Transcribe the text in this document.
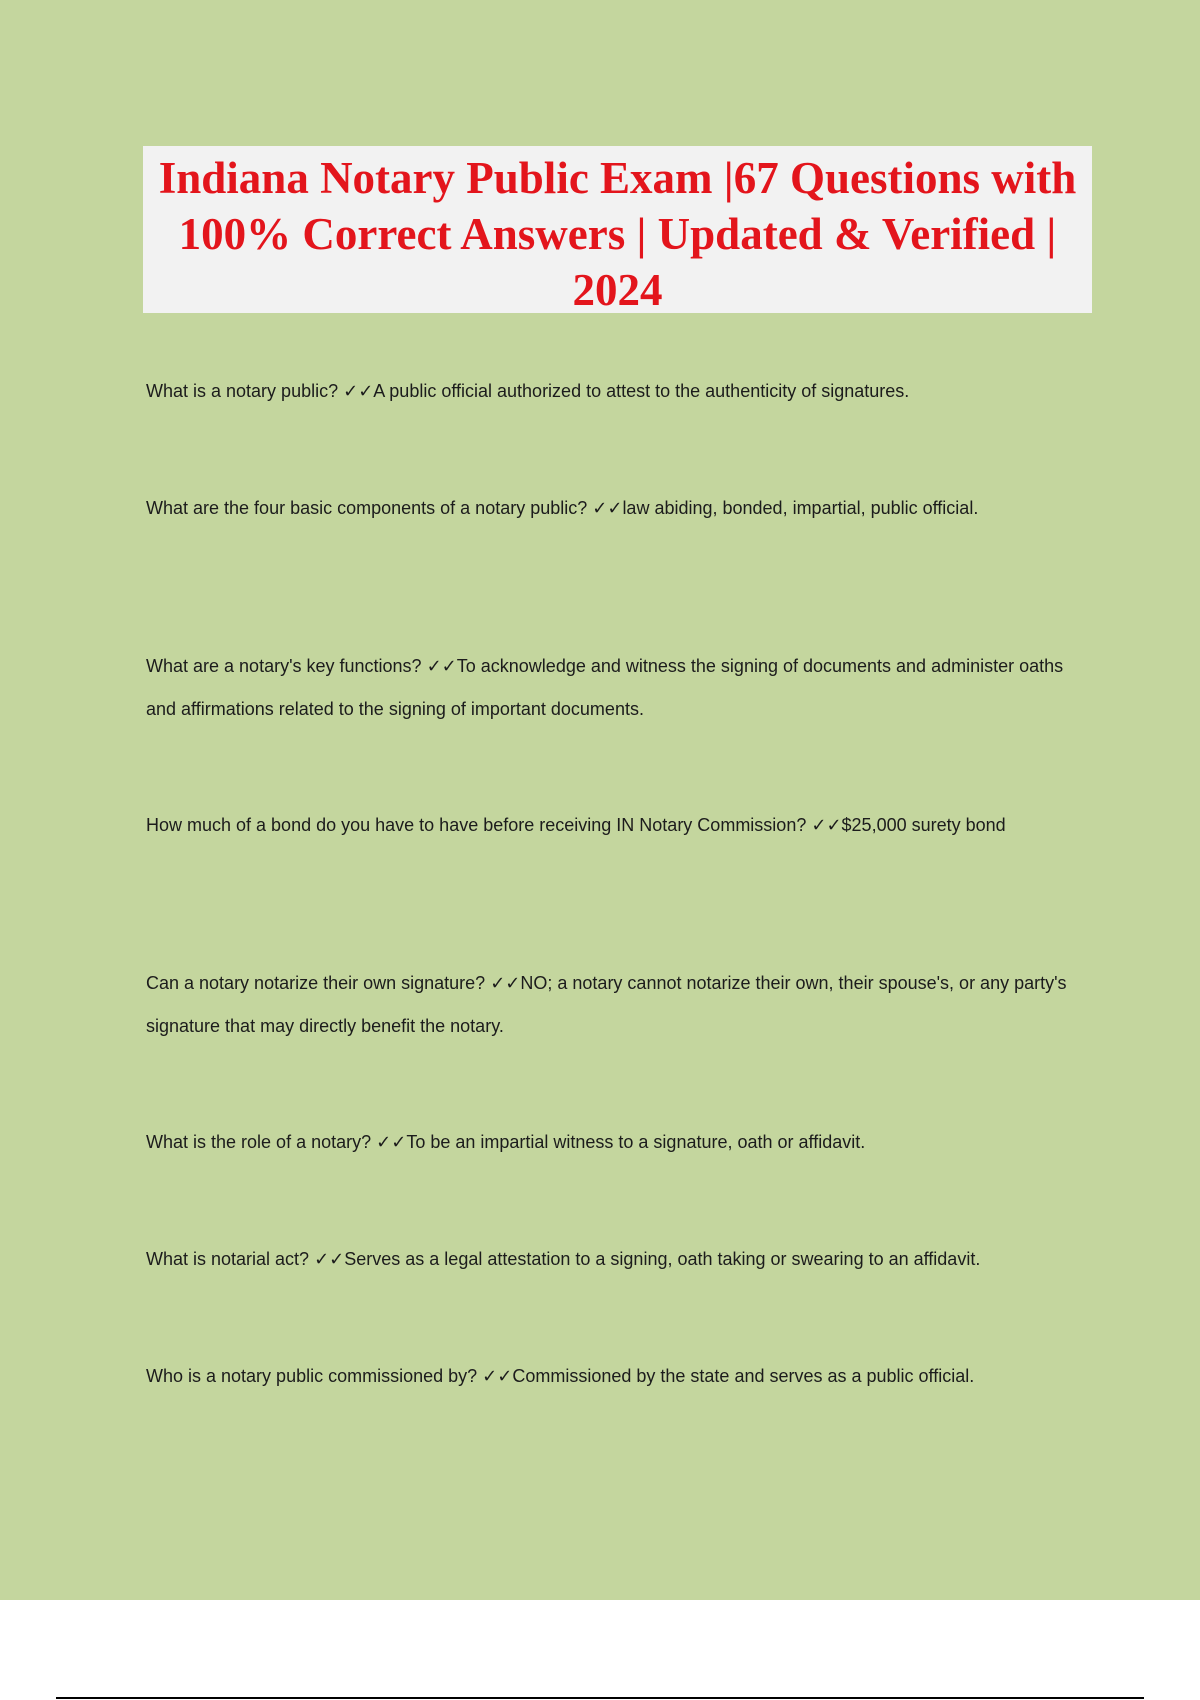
Indiana Notary Public Exam |67 Questions with 100% Correct Answers | Updated & Verified | 2024

What is a notary public? ✓✓A public official authorized to attest to the authenticity of signatures.

What are the four basic components of a notary public? ✓✓law abiding, bonded, impartial, public official.

What are a notary's key functions? ✓✓To acknowledge and witness the signing of documents and administer oaths and affirmations related to the signing of important documents.

How much of a bond do you have to have before receiving IN Notary Commission? ✓✓$25,000 surety bond

Can a notary notarize their own signature? ✓✓NO; a notary cannot notarize their own, their spouse's, or any party's signature that may directly benefit the notary.

What is the role of a notary? ✓✓To be an impartial witness to a signature, oath or affidavit.

What is notarial act? ✓✓Serves as a legal attestation to a signing, oath taking or swearing to an affidavit.

Who is a notary public commissioned by? ✓✓Commissioned by the state and serves as a public official.
